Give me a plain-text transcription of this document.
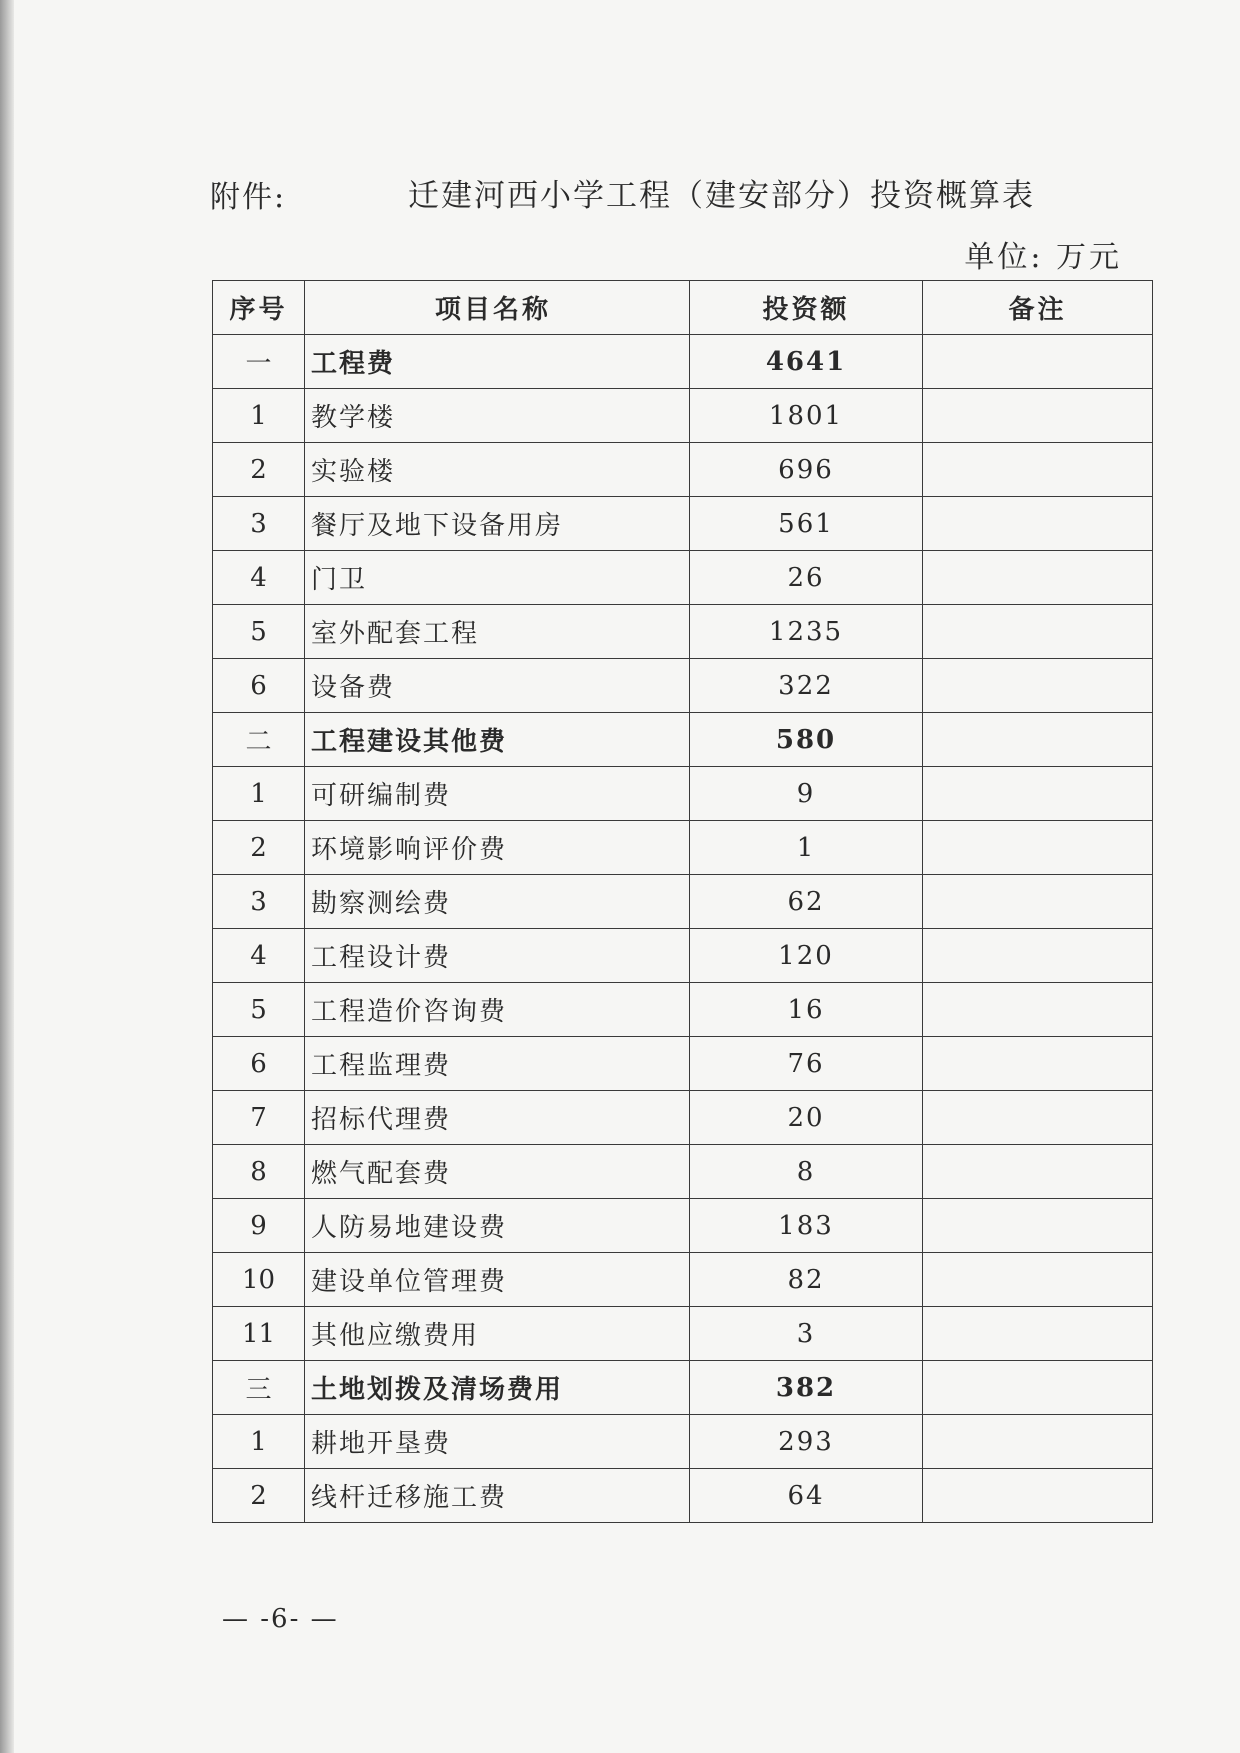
附件:	迁建河西小学工程（建安部分）投资概算表
单位: 万元
序号	项目名称	投资额	备注
一	工程费	4641	
1	教学楼	1801	
2	实验楼	696	
3	餐厅及地下设备用房	561	
4	门卫	26	
5	室外配套工程	1235	
6	设备费	322	
二	工程建设其他费	580	
1	可研编制费	9	
2	环境影响评价费	1	
3	勘察测绘费	62	
4	工程设计费	120	
5	工程造价咨询费	16	
6	工程监理费	76	
7	招标代理费	20	
8	燃气配套费	8	
9	人防易地建设费	183	
10	建设单位管理费	82	
11	其他应缴费用	3	
三	土地划拨及清场费用	382	
1	耕地开垦费	293	
2	线杆迁移施工费	64	
— -6- —
